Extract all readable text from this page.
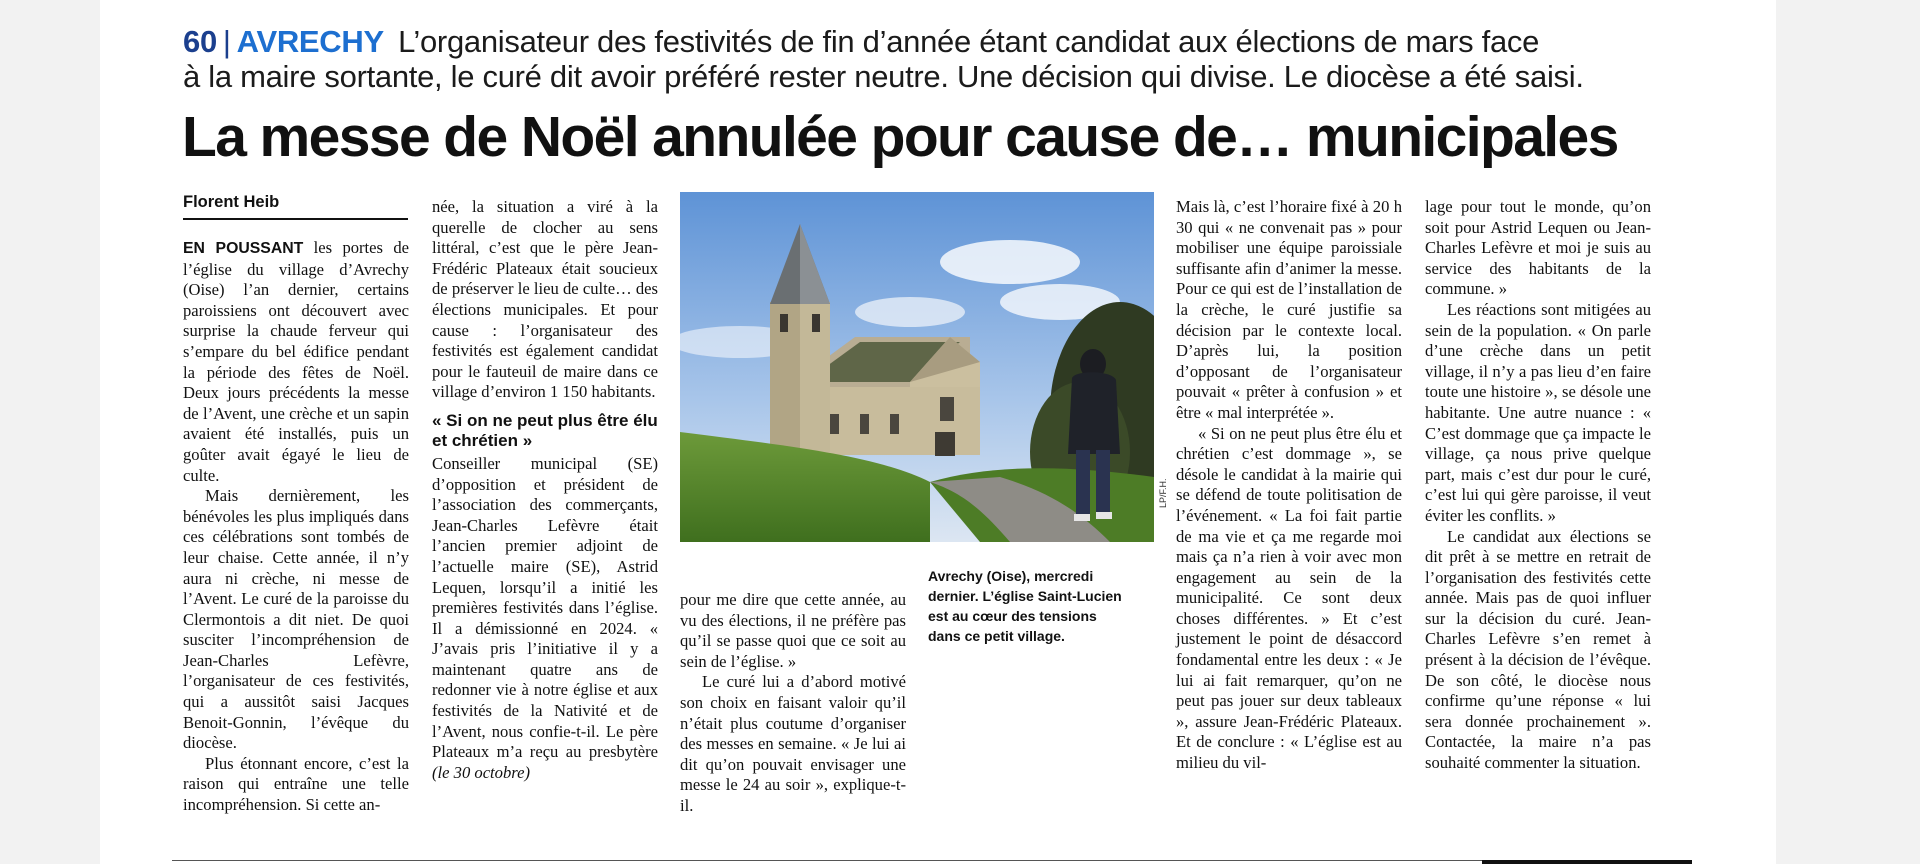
60 | AVRECHY L’organisateur des festivités de fin d’année étant candidat aux élections de mars face
à la maire sortante, le curé dit avoir préféré rester neutre. Une décision qui divise. Le diocèse a été saisi.
La messe de Noël annulée pour cause de… municipales
Florent Heib

EN POUSSANT les portes de l’église du village d’Avrechy (Oise) l’an dernier, certains paroissiens ont découvert avec surprise la chaude ferveur qui s’empare du bel édifice pendant la période des fêtes de Noël. Deux jours précédents la messe de l’Avent, une crèche et un sapin avaient été installés, puis un goûter avait égayé le lieu de culte.

Mais dernièrement, les bénévoles les plus impliqués dans ces célébrations sont tombés de leur chaise. Cette année, il n’y aura ni crèche, ni messe de l’Avent. Le curé de la paroisse du Clermontois a dit niet. De quoi susciter l’incompréhension de Jean-Charles Lefèvre, l’organisateur de ces festivités, qui a aussitôt saisi Jacques Benoit-Gonnin, l’évêque du diocèse.

Plus étonnant encore, c’est la raison qui entraîne une telle incompréhension. Si cette an-

née, la situation a viré à la querelle de clocher au sens littéral, c’est que le père Jean-Frédéric Plateaux était soucieux de préserver le lieu de culte… des élections municipales. Et pour cause : l’organisateur des festivités est également candidat pour le fauteuil de maire dans ce village d’environ 1 150 habitants.

« Si on ne peut plus être élu et chrétien »

Conseiller municipal (SE) d’opposition et président de l’association des commerçants, Jean-Charles Lefèvre était l’ancien premier adjoint de l’actuelle maire (SE), Astrid Lequen, lorsqu’il a initié les premières festivités dans l’église. Il a démissionné en 2024. « J’avais pris l’initiative il y a maintenant quatre ans de redonner vie à notre église et aux festivités de la Nativité et de l’Avent, nous confie-t-il. Le père Plateaux m’a reçu au presbytère (le 30 octobre)

LP/F.H.

pour me dire que cette année, au vu des élections, il ne préfère pas qu’il se passe quoi que ce soit au sein de l’église. »

Le curé lui a d’abord motivé son choix en faisant valoir qu’il n’était plus coutume d’organiser des messes en semaine. « Je lui ai dit qu’on pouvait envisager une messe le 24 au soir », explique-t-il.

Avrechy (Oise), mercredi dernier. L’église Saint-Lucien est au cœur des tensions dans ce petit village.

Mais là, c’est l’horaire fixé à 20 h 30 qui « ne convenait pas » pour mobiliser une équipe paroissiale suffisante afin d’animer la messe. Pour ce qui est de l’installation de la crèche, le curé justifie sa décision par le contexte local. D’après lui, la position d’opposant de l’organisateur pouvait « prêter à confusion » et être « mal interprétée ».

« Si on ne peut plus être élu et chrétien c’est dommage », se désole le candidat à la mairie qui se défend de toute politisation de l’événement. « La foi fait partie de ma vie et ça me regarde moi mais ça n’a rien à voir avec mon engagement au sein de la municipalité. Ce sont deux choses différentes. » Et c’est justement le point de désaccord fondamental entre les deux : « Je lui ai fait remarquer, qu’on ne peut pas jouer sur deux tableaux », assure Jean-Frédéric Plateaux. Et de conclure : « L’église est au milieu du vil-

lage pour tout le monde, qu’on soit pour Astrid Lequen ou Jean-Charles Lefèvre et moi je suis au service des habitants de la commune. »

Les réactions sont mitigées au sein de la population. « On parle d’une crèche dans un petit village, il n’y a pas lieu d’en faire toute une histoire », se désole une habitante. Une autre nuance : « C’est dommage que ça impacte le village, ça nous prive quelque part, mais c’est dur pour le curé, c’est lui qui gère paroisse, il veut éviter les conflits. »

Le candidat aux élections se dit prêt à se mettre en retrait de l’organisation des festivités cette année. Mais pas de quoi influer sur la décision du curé. Jean-Charles Lefèvre s’en remet à présent à la décision de l’évêque. De son côté, le diocèse nous confirme qu’une réponse « lui sera donnée prochainement ». Contactée, la maire n’a pas souhaité commenter la situation.
